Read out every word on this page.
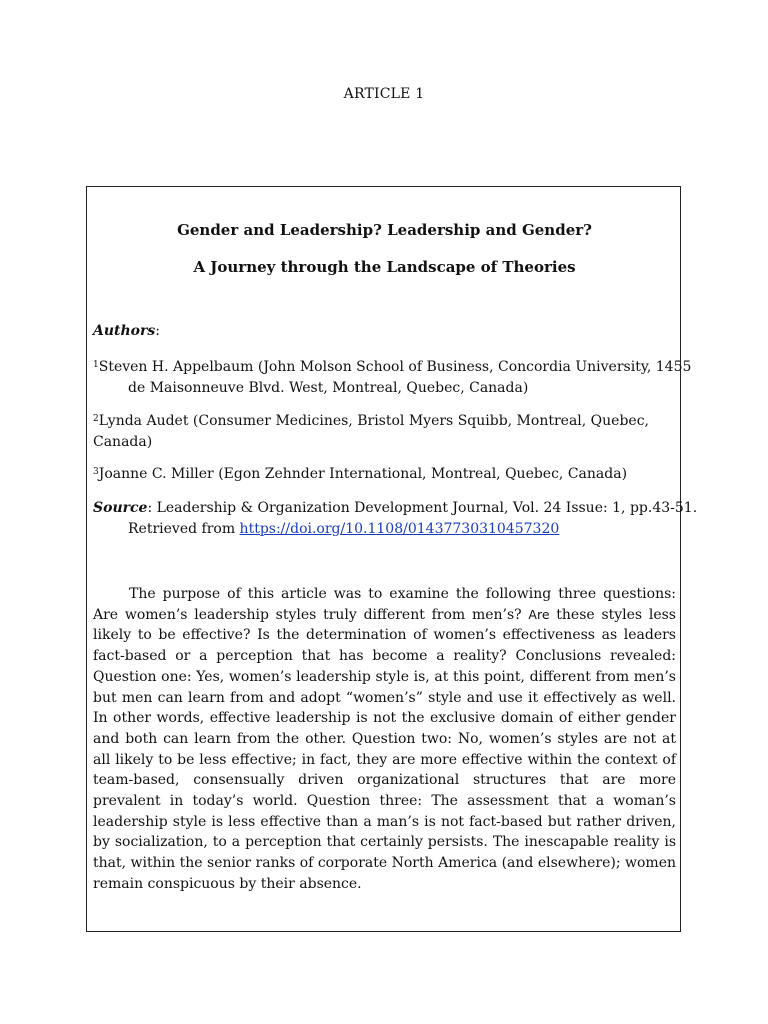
ARTICLE 1
Gender and Leadership? Leadership and Gender?
A Journey through the Landscape of Theories
Authors:
$^1$Steven H. Appelbaum (John Molson School of Business, Concordia University, 1455 de Maisonneuve Blvd. West, Montreal, Quebec, Canada)
$^2$Lynda Audet (Consumer Medicines, Bristol Myers Squibb, Montreal, Quebec, Canada)
$^3$Joanne C. Miller (Egon Zehnder International, Montreal, Quebec, Canada)
Source: Leadership & Organization Development Journal, Vol. 24 Issue: 1, pp.43-51. Retrieved from https://doi.org/10.1108/01437730310457320
The purpose of this article was to examine the following three questions: Are women’s leadership styles truly different from men’s? Are these styles less likely to be effective? Is the determination of women’s effectiveness as leaders fact-based or a perception that has become a reality? Conclusions revealed: Question one: Yes, women’s leadership style is, at this point, different from men’s but men can learn from and adopt “women’s” style and use it effectively as well. In other words, effective leadership is not the exclusive domain of either gender and both can learn from the other. Question two: No, women’s styles are not at all likely to be less effective; in fact, they are more effective within the context of team-based, consensually driven organizational structures that are more prevalent in today’s world. Question three: The assessment that a woman’s leadership style is less effective than a man’s is not fact-based but rather driven, by socialization, to a perception that certainly persists. The inescapable reality is that, within the senior ranks of corporate North America (and elsewhere); women remain conspicuous by their absence.
